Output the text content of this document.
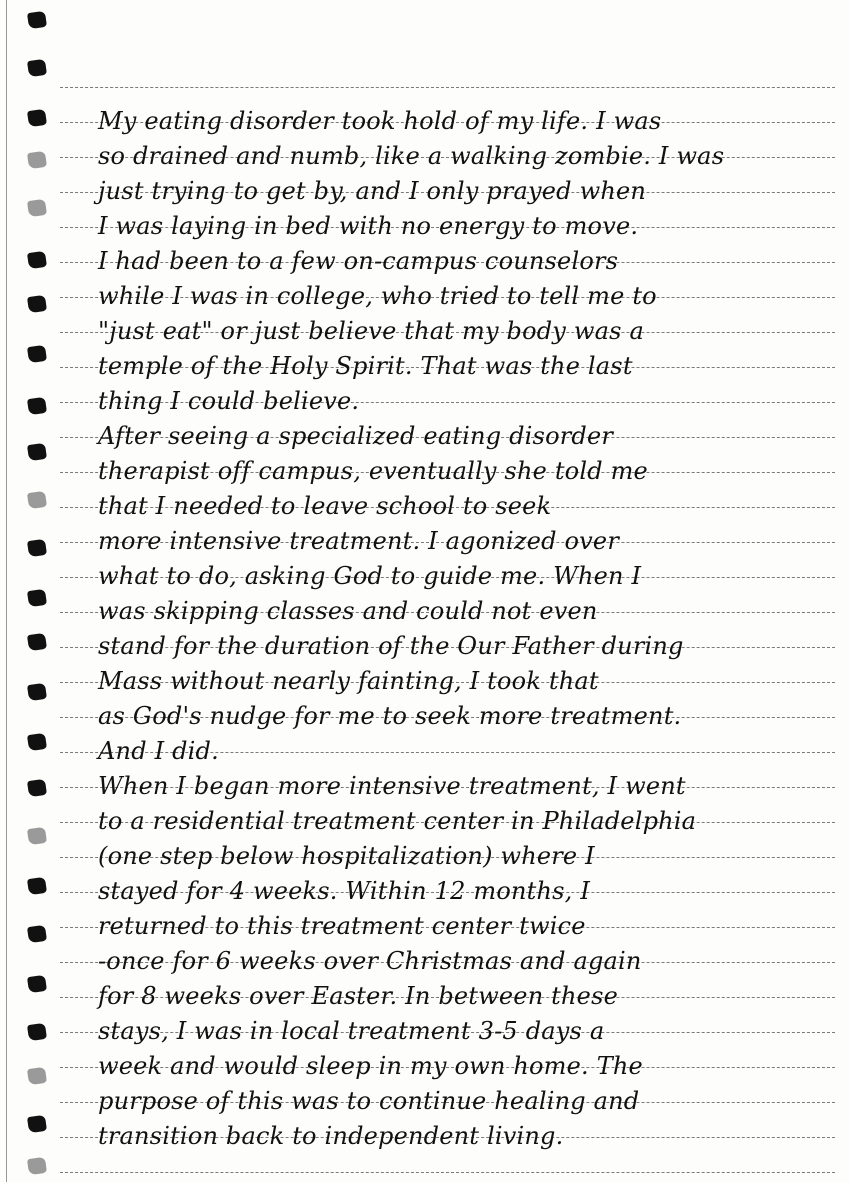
My eating disorder took hold of my life. I was
so drained and numb, like a walking zombie. I was
just trying to get by, and I only prayed when
I was laying in bed with no energy to move.
I had been to a few on-campus counselors
while I was in college, who tried to tell me to
"just eat" or just believe that my body was a
temple of the Holy Spirit. That was the last
thing I could believe.
After seeing a specialized eating disorder
therapist off campus, eventually she told me
that I needed to leave school to seek
more intensive treatment. I agonized over
what to do, asking God to guide me. When I
was skipping classes and could not even
stand for the duration of the Our Father during
Mass without nearly fainting, I took that
as God's nudge for me to seek more treatment.
And I did.
When I began more intensive treatment, I went
to a residential treatment center in Philadelphia
(one step below hospitalization) where I
stayed for 4 weeks. Within 12 months, I
returned to this treatment center twice
-once for 6 weeks over Christmas and again
for 8 weeks over Easter. In between these
stays, I was in local treatment 3-5 days a
week and would sleep in my own home. The
purpose of this was to continue healing and
transition back to independent living.
